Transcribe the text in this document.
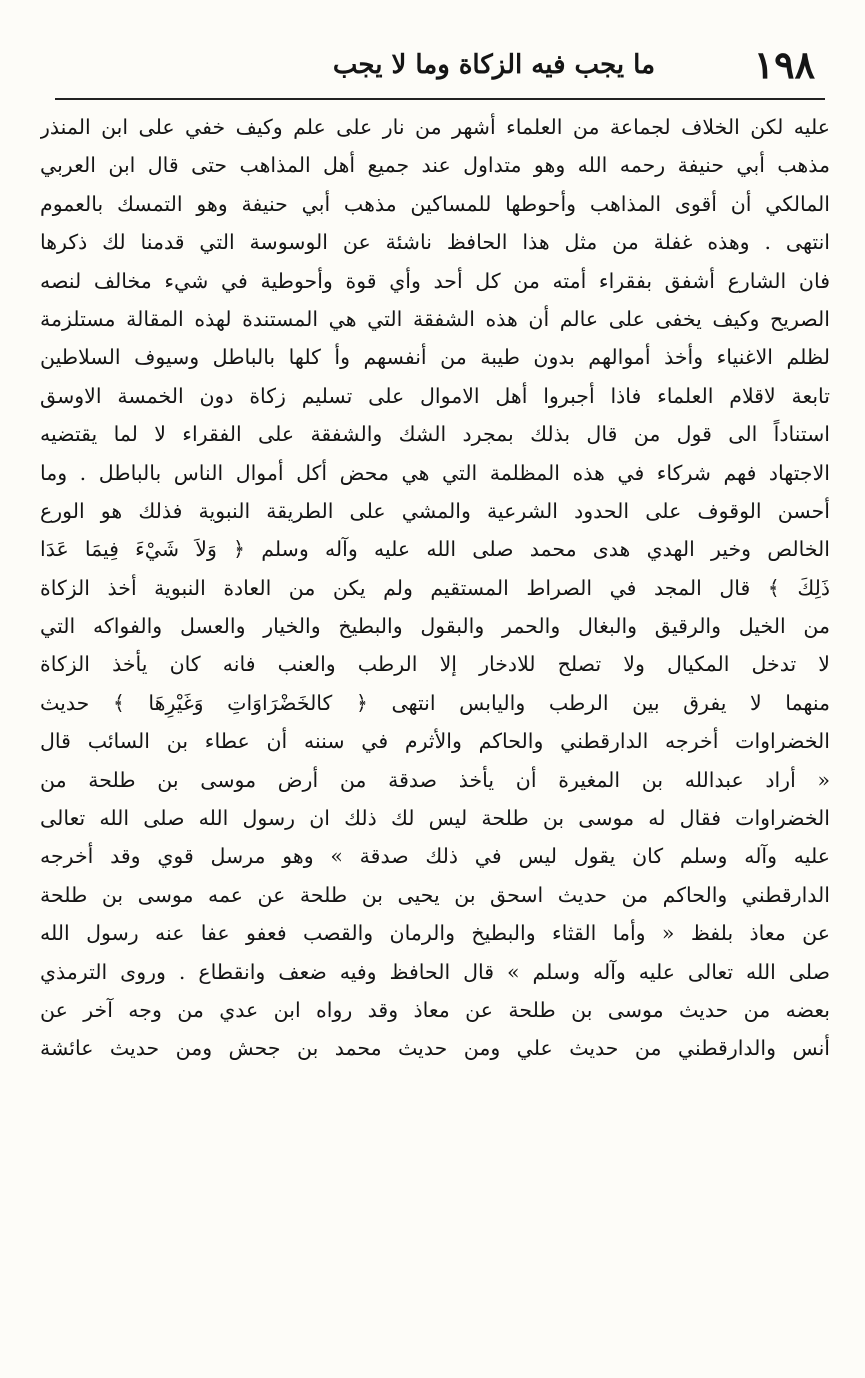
١٩٨
ما يجب فيه الزكاة وما لا يجب
عليه لكن الخلاف لجماعة من العلماء أشهر من نار على علم وكيف خفي على ابن المنذر
مذهب أبي حنيفة رحمه الله وهو متداول عند جميع أهل المذاهب حتى قال ابن العربي
المالكي أن أقوى المذاهب وأحوطها للمساكين مذهب أبي حنيفة وهو التمسك بالعموم
انتهى . وهذه غفلة من مثل هذا الحافظ ناشئة عن الوسوسة التي قدمنا لك ذكرها
فان الشارع أشفق بفقراء أمته من كل أحد وأي قوة وأحوطية في شيء مخالف لنصه
الصريح وكيف يخفى على عالم أن هذه الشفقة التي هي المستندة لهذه المقالة مستلزمة
لظلم الاغنياء وأخذ أموالهم بدون طيبة من أنفسهم وأ كلها بالباطل وسيوف السلاطين
تابعة لاقلام العلماء فاذا أجبروا أهل الاموال على تسليم زكاة دون الخمسة الاوسق
استناداً الى قول من قال بذلك بمجرد الشك والشفقة على الفقراء لا لما يقتضيه
الاجتهاد فهم شركاء في هذه المظلمة التي هي محض أكل أموال الناس بالباطل . وما
أحسن الوقوف على الحدود الشرعية والمشي على الطريقة النبوية فذلك هو الورع
الخالص وخير الهدي هدى محمد صلى الله عليه وآله وسلم ﴿ وَلاَ شَيْءَ فِيمَا عَدَا
ذَلِكَ ﴾ قال المجد في الصراط المستقيم ولم يكن من العادة النبوية أخذ الزكاة
من الخيل والرقيق والبغال والحمر والبقول والبطيخ والخيار والعسل والفواكه التي
لا تدخل المكيال ولا تصلح للادخار إلا الرطب والعنب فانه كان يأخذ الزكاة
منهما لا يفرق بين الرطب واليابس انتهى ﴿ كالخَضْرَاوَاتِ وَغَيْرِهَا ﴾ حديث
الخضراوات أخرجه الدارقطني والحاكم والأثرم في سننه أن عطاء بن السائب قال
« أراد عبدالله بن المغيرة أن يأخذ صدقة من أرض موسى بن طلحة من
الخضراوات فقال له موسى بن طلحة ليس لك ذلك ان رسول الله صلى الله تعالى
عليه وآله وسلم كان يقول ليس في ذلك صدقة » وهو مرسل قوي وقد أخرجه
الدارقطني والحاكم من حديث اسحق بن يحيى بن طلحة عن عمه موسى بن طلحة
عن معاذ بلفظ « وأما القثاء والبطيخ والرمان والقصب فعفو عفا عنه رسول الله
صلى الله تعالى عليه وآله وسلم » قال الحافظ وفيه ضعف وانقطاع . وروى الترمذي
بعضه من حديث موسى بن طلحة عن معاذ وقد رواه ابن عدي من وجه آخر عن
أنس والدارقطني من حديث علي ومن حديث محمد بن جحش ومن حديث عائشة
